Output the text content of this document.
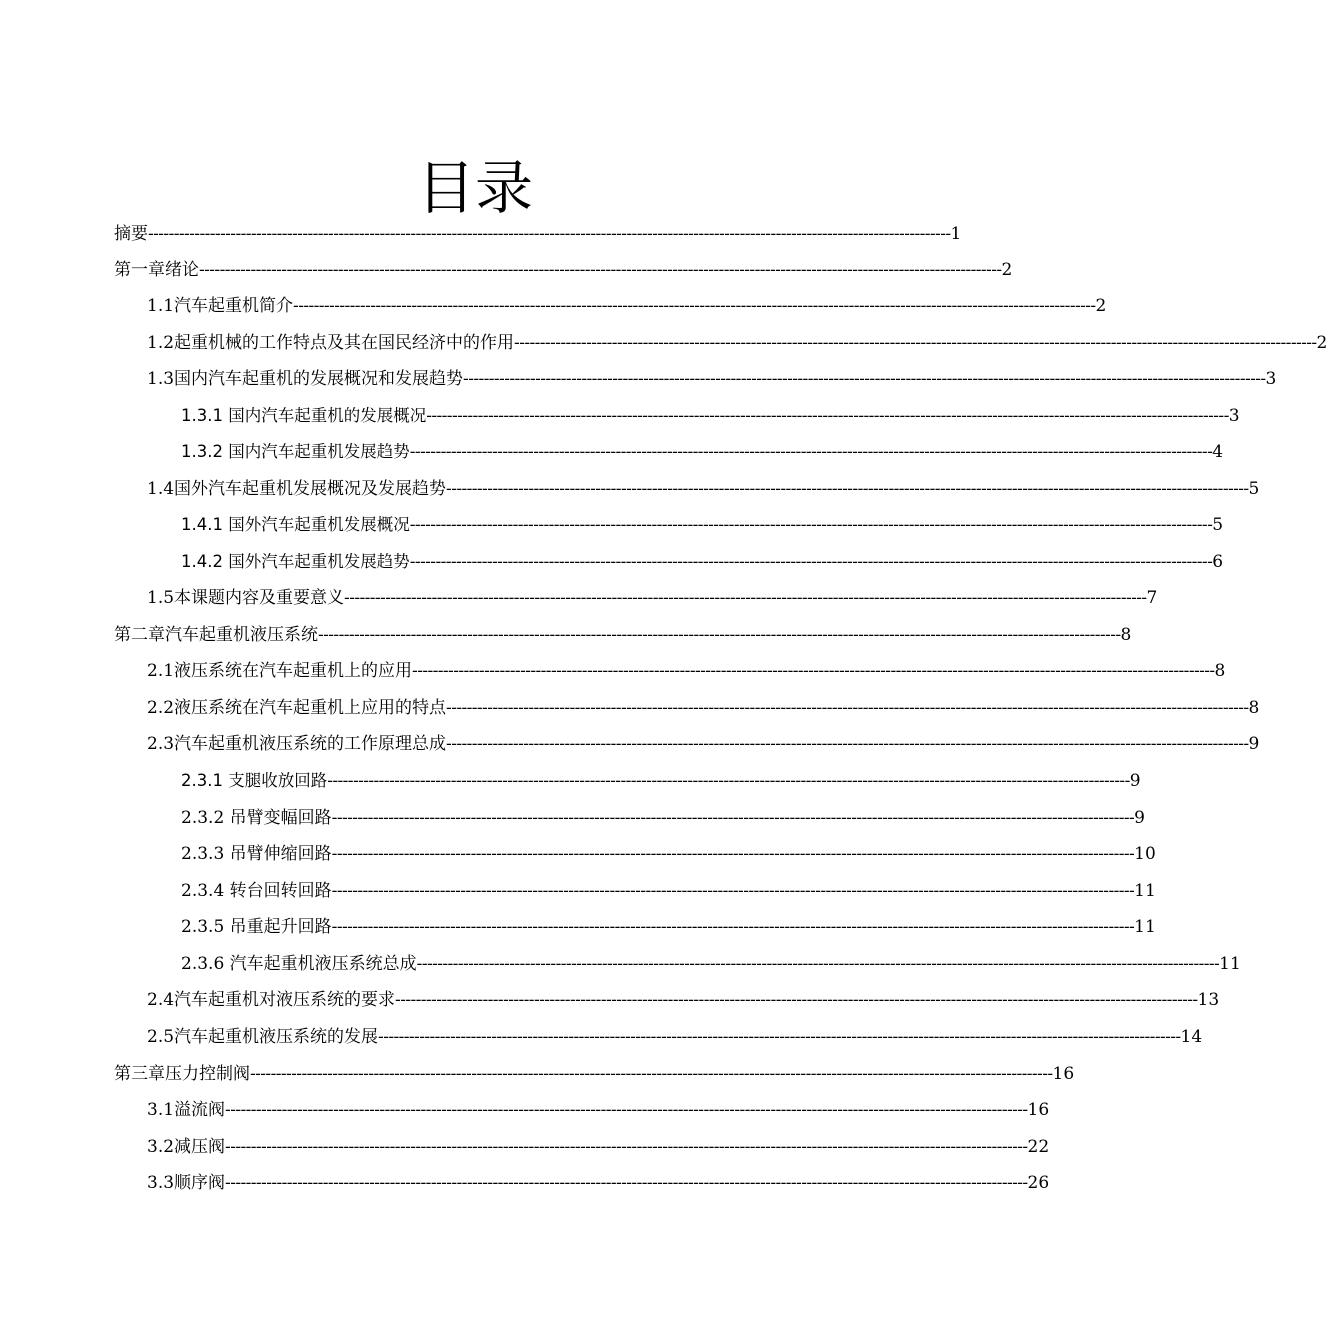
目录
摘要 ------------------------------------------------------------------------------------------------------------------------------------------------------------ 1
第一章 绪论 ------------------------------------------------------------------------------------------------------------------------------------------------------------ 2
1.1汽车起重机简介 ------------------------------------------------------------------------------------------------------------------------------------------------------------ 2
1.2起重机械的工作特点及其在国民经济中的作用 ------------------------------------------------------------------------------------------------------------------------------------------------------------ 2
1.3国内汽车起重机的发展概况和发展趋势 ------------------------------------------------------------------------------------------------------------------------------------------------------------ 3
1.3.1 国内汽车起重机的发展概况 ------------------------------------------------------------------------------------------------------------------------------------------------------------ 3
1.3.2 国内汽车起重机发展趋势 ------------------------------------------------------------------------------------------------------------------------------------------------------------ 4
1.4国外汽车起重机发展概况及发展趋势 ------------------------------------------------------------------------------------------------------------------------------------------------------------ 5
1.4.1 国外汽车起重机发展概况 ------------------------------------------------------------------------------------------------------------------------------------------------------------ 5
1.4.2 国外汽车起重机发展趋势 ------------------------------------------------------------------------------------------------------------------------------------------------------------ 6
1.5本课题内容及重要意义 ------------------------------------------------------------------------------------------------------------------------------------------------------------ 7
第二章 汽车起重机液压系统 ------------------------------------------------------------------------------------------------------------------------------------------------------------ 8
2.1液压系统在汽车起重机上的应用 ------------------------------------------------------------------------------------------------------------------------------------------------------------ 8
2.2液压系统在汽车起重机上应用的特点 ------------------------------------------------------------------------------------------------------------------------------------------------------------ 8
2.3汽车起重机液压系统的工作原理总成 ------------------------------------------------------------------------------------------------------------------------------------------------------------ 9
2.3.1 支腿收放回路 ------------------------------------------------------------------------------------------------------------------------------------------------------------ 9
2.3.2 吊臂变幅回路 ------------------------------------------------------------------------------------------------------------------------------------------------------------ 9
2.3.3 吊臂伸缩回路 ------------------------------------------------------------------------------------------------------------------------------------------------------------ 10
2.3.4 转台回转回路 ------------------------------------------------------------------------------------------------------------------------------------------------------------ 11
2.3.5 吊重起升回路 ------------------------------------------------------------------------------------------------------------------------------------------------------------ 11
2.3.6 汽车起重机液压系统总成 ------------------------------------------------------------------------------------------------------------------------------------------------------------ 11
2.4汽车起重机对液压系统的要求 ------------------------------------------------------------------------------------------------------------------------------------------------------------ 13
2.5汽车起重机液压系统的发展 ------------------------------------------------------------------------------------------------------------------------------------------------------------ 14
第三章 压力控制阀 ------------------------------------------------------------------------------------------------------------------------------------------------------------ 16
3.1溢流阀 ------------------------------------------------------------------------------------------------------------------------------------------------------------ 16
3.2减压阀 ------------------------------------------------------------------------------------------------------------------------------------------------------------ 22
3.3顺序阀 ------------------------------------------------------------------------------------------------------------------------------------------------------------ 26
